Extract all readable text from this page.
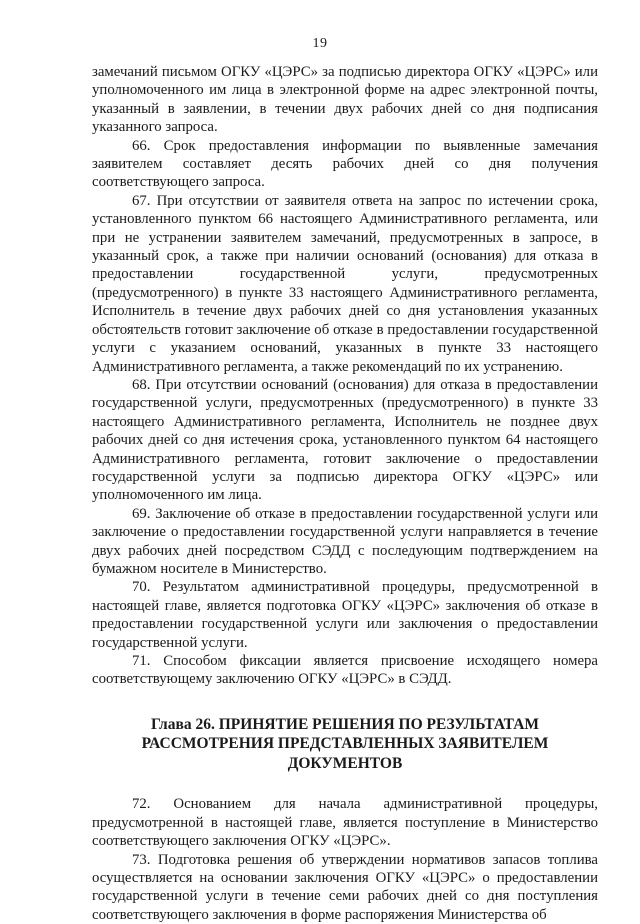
19

замечаний письмом ОГКУ «ЦЭРС» за подписью директора ОГКУ «ЦЭРС» или уполномоченного им лица в электронной форме на адрес электронной почты, указанный в заявлении, в течении двух рабочих дней со дня подписания указанного запроса.

66. Срок предоставления информации по выявленные замечания заявителем составляет десять рабочих дней со дня получения соответствующего запроса.

67. При отсутствии от заявителя ответа на запрос по истечении срока, установленного пунктом 66 настоящего Административного регламента, или при не устранении заявителем замечаний, предусмотренных в запросе, в указанный срок, а также при наличии оснований (основания) для отказа в предоставлении государственной услуги, предусмотренных (предусмотренного) в пункте 33 настоящего Административного регламента, Исполнитель в течение двух рабочих дней со дня установления указанных обстоятельств готовит заключение об отказе в предоставлении государственной услуги с указанием оснований, указанных в пункте 33 настоящего Административного регламента, а также рекомендаций по их устранению.

68. При отсутствии оснований (основания) для отказа в предоставлении государственной услуги, предусмотренных (предусмотренного) в пункте 33 настоящего Административного регламента, Исполнитель не позднее двух рабочих дней со дня истечения срока, установленного пунктом 64 настоящего Административного регламента, готовит заключение о предоставлении государственной услуги за подписью директора ОГКУ «ЦЭРС» или уполномоченного им лица.

69. Заключение об отказе в предоставлении государственной услуги или заключение о предоставлении государственной услуги направляется в течение двух рабочих дней посредством СЭДД с последующим подтверждением на бумажном носителе в Министерство.

70. Результатом административной процедуры, предусмотренной в настоящей главе, является подготовка ОГКУ «ЦЭРС» заключения об отказе в предоставлении государственной услуги или заключения о предоставлении государственной услуги.

71. Способом фиксации является присвоение исходящего номера соответствующему заключению ОГКУ «ЦЭРС» в СЭДД.

Глава 26. ПРИНЯТИЕ РЕШЕНИЯ ПО РЕЗУЛЬТАТАМ РАССМОТРЕНИЯ ПРЕДСТАВЛЕННЫХ ЗАЯВИТЕЛЕМ ДОКУМЕНТОВ

72. Основанием для начала административной процедуры, предусмотренной в настоящей главе, является поступление в Министерство соответствующего заключения ОГКУ «ЦЭРС».

73. Подготовка решения об утверждении нормативов запасов топлива осуществляется на основании заключения ОГКУ «ЦЭРС» о предоставлении государственной услуги в течение семи рабочих дней со дня поступления соответствующего заключения в форме распоряжения Министерства об
